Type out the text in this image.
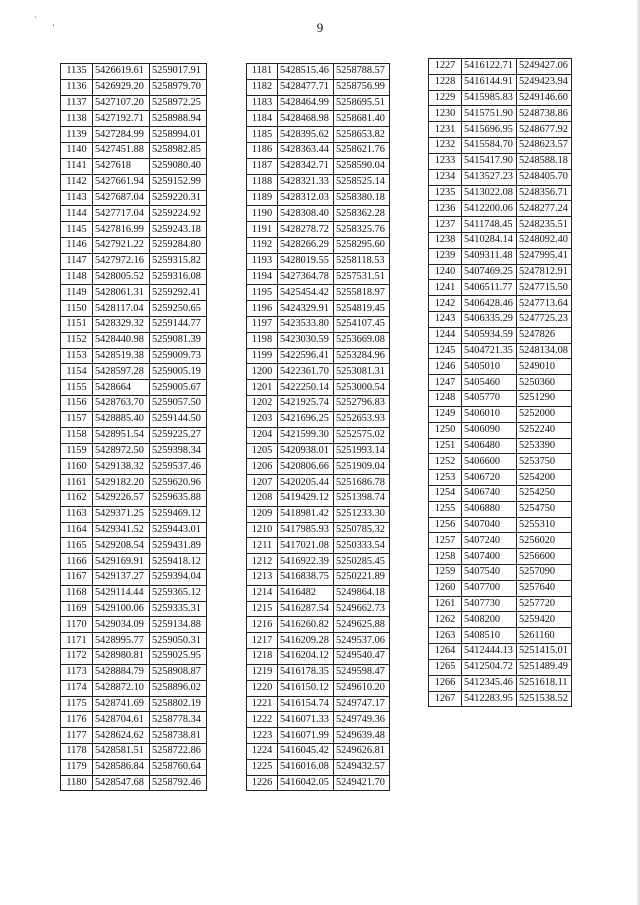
`
‘	9
1135	5426619.61	5259017.91
1136	5426929.20	5258979.70
1137	5427107.20	5258972.25
1138	5427192.71	5258988.94
1139	5427284.99	5258994.01
1140	5427451.88	5258982.85
1141	5427618	5259080.40
1142	5427661.94	5259152.99
1143	5427687.04	5259220.31
1144	5427717.04	5259224.92
1145	5427816.99	5259243.18
1146	5427921.22	5259284.80
1147	5427972.16	5259315.82
1148	5428005.52	5259316.08
1149	5428061.31	5259292.41
1150	5428117.04	5259250.65
1151	5428329.32	5259144.77
1152	5428440.98	5259081.39
1153	5428519.38	5259009.73
1154	5428597.28	5259005.19
1155	5428664	5259005.67
1156	5428763.70	5259057.50
1157	5428885.40	5259144.50
1158	5428951.54	5259225.27
1159	5428972.50	5259398.34
1160	5429138.32	5259537.46
1161	5429182.20	5259620.96
1162	5429226.57	5259635.88
1163	5429371.25	5259469.12
1164	5429341.52	5259443.01
1165	5429208.54	5259431.89
1166	5429169.91	5259418.12
1167	5429137.27	5259394.04
1168	5429114.44	5259365.12
1169	5429100.06	5259335.31
1170	5429034.09	5259134.88
1171	5428995.77	5259050.31
1172	5428980.81	5259025.95
1173	5428884.79	5258908.87
1174	5428872.10	5258896.02
1175	5428741.69	5258802.19
1176	5428704.61	5258778.34
1177	5428624.62	5258738.81
1178	5428581.51	5258722.86
1179	5428586.84	5258760.64
1180	5428547.68	5258792.46
1181	5428515.46	5258788.57
1182	5428477.71	5258756.99
1183	5428464.99	5258695.51
1184	5428468.98	5258681.40
1185	5428395.62	5258653.82
1186	5428363.44	5258621.76
1187	5428342.71	5258590.04
1188	5428321.33	5258525.14
1189	5428312.03	5258380.18
1190	5428308.40	5258362.28
1191	5428278.72	5258325.76
1192	5428266.29	5258295.60
1193	5428019.55	5258118.53
1194	5427364.78	5257531.51
1195	5425454.42	5255818.97
1196	5424329.91	5254819.45
1197	5423533.80	5254107.45
1198	5423030.59	5253669.08
1199	5422596.41	5253284.96
1200	5422361.70	5253081.31
1201	5422250.14	5253000.54
1202	5421925.74	5252796.83
1203	5421696.25	5252653.93
1204	5421599.30	5252575.02
1205	5420938.01	5251993.14
1206	5420806.66	5251909.04
1207	5420205.44	5251686.78
1208	5419429.12	5251398.74
1209	5418981.42	5251233.30
1210	5417985.93	5250785.32
1211	5417021.08	5250333.54
1212	5416922.39	5250285.45
1213	5416838.75	5250221.89
1214	5416482	5249864.18
1215	5416287.54	5249662.73
1216	5416260.82	5249625.88
1217	5416209.28	5249537.06
1218	5416204.12	5249540.47
1219	5416178.35	5249598.47
1220	5416150.12	5249610.20
1221	5416154.74	5249747.17
1222	5416071.33	5249749.36
1223	5416071.99	5249639.48
1224	5416045.42	5249626.81
1225	5416016.08	5249432.57
1226	5416042.05	5249421.70
1227	5416122.71	5249427.06
1228	5416144.91	5249423.94
1229	5415985.83	5249146.60
1230	5415751.90	5248738.86
1231	5415696.95	5248677.92
1232	5415584.70	5248623.57
1233	5415417.90	5248588.18
1234	5413527.23	5248405.70
1235	5413022.08	5248356.71
1236	5412200.06	5248277.24
1237	5411748.45	5248235.51
1238	5410284.14	5248092.40
1239	5409311.48	5247995.41
1240	5407469.25	5247812.91
1241	5406511.77	5247715.50
1242	5406428.46	5247713.64
1243	5406335.29	5247725.23
1244	5405934.59	5247826
1245	5404721.35	5248134.08
1246	5405010	5249010
1247	5405460	5250360
1248	5405770	5251290
1249	5406010	5252000
1250	5406090	5252240
1251	5406480	5253390
1252	5406600	5253750
1253	5406720	5254200
1254	5406740	5254250
1255	5406880	5254750
1256	5407040	5255310
1257	5407240	5256020
1258	5407400	5256600
1259	5407540	5257090
1260	5407700	5257640
1261	5407730	5257720
1262	5408200	5259420
1263	5408510	5261160
1264	5412444.13	5251415.01
1265	5412504.72	5251489.49
1266	5412345.46	5251618.11
1267	5412283.95	5251538.52
